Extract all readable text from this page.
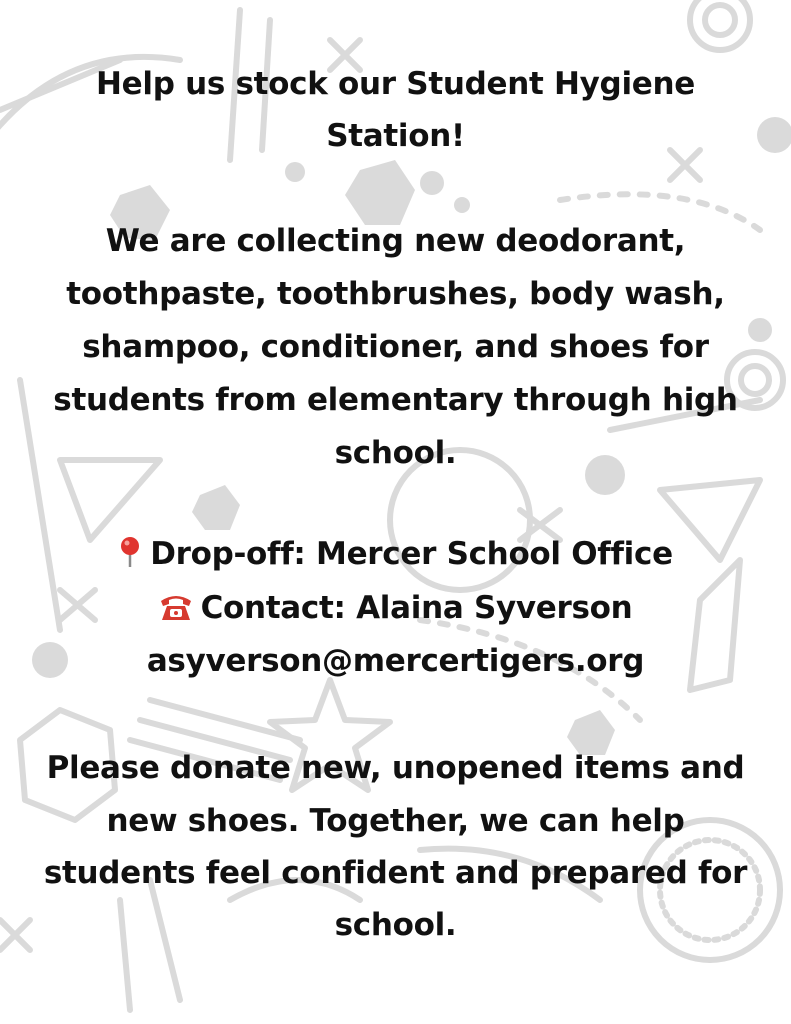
Help us stock our Student Hygiene
Station!
We are collecting new deodorant,
toothpaste, toothbrushes, body wash,
shampoo, conditioner, and shoes for
students from elementary through high
school.
Drop-off: Mercer School Office
Contact: Alaina Syverson
asyverson@mercertigers.org
Please donate new, unopened items and
new shoes. Together, we can help
students feel confident and prepared for
school.
